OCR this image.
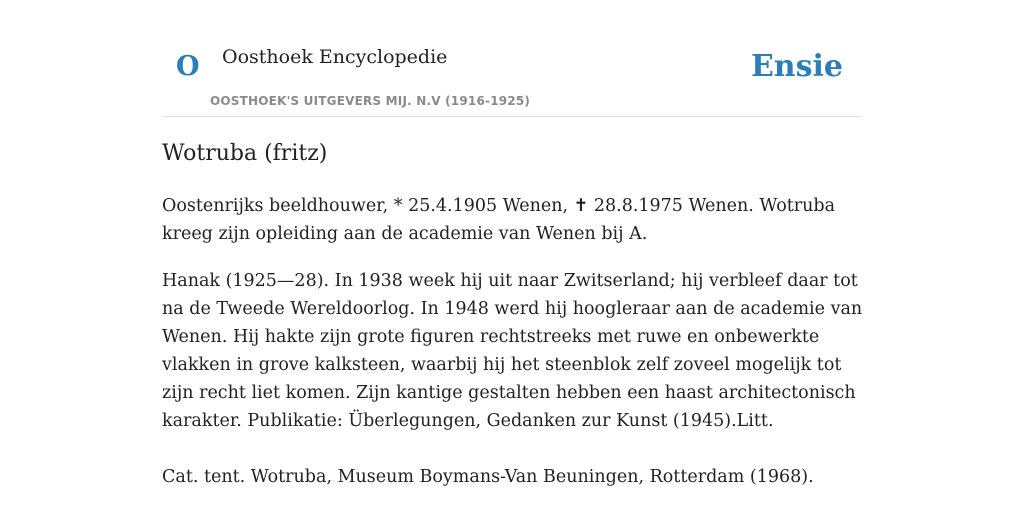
O Oosthoek Encyclopedie
OOSTHOEK'S UITGEVERS MIJ. N.V (1916-1925)
Ensie
Wotruba (fritz)

Oostenrijks beeldhouwer, * 25.4.1905 Wenen, ✝ 28.8.1975 Wenen. Wotruba kreeg zijn opleiding aan de academie van Wenen bij A.

Hanak (1925—28). In 1938 week hij uit naar Zwitserland; hij verbleef daar tot na de Tweede Wereldoorlog. In 1948 werd hij hoogleraar aan de academie van Wenen. Hij hakte zijn grote figuren rechtstreeks met ruwe en onbewerkte vlakken in grove kalksteen, waarbij hij het steenblok zelf zoveel mogelijk tot zijn recht liet komen. Zijn kantige gestalten hebben een haast architectonisch karakter. Publikatie: Überlegungen, Gedanken zur Kunst (1945).Litt.

Cat. tent. Wotruba, Museum Boymans-Van Beuningen, Rotterdam (1968).
